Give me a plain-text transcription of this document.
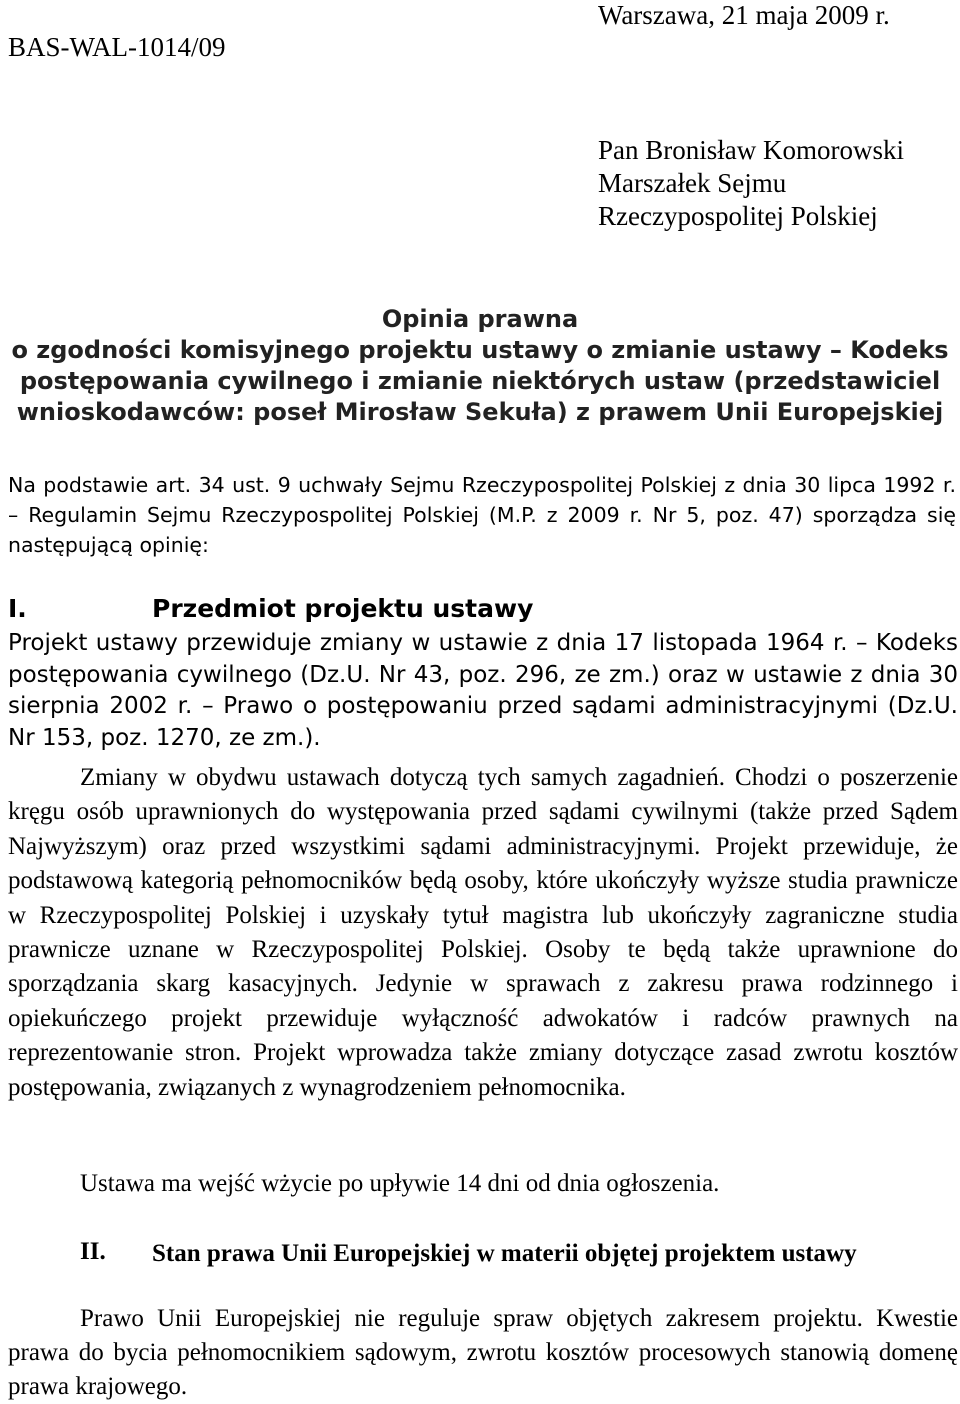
BAS-WAL-1014/09
Warszawa, 21 maja 2009 r.
Pan Bronisław Komorowski
Marszałek Sejmu
Rzeczypospolitej Polskiej
Opinia prawna
o zgodności komisyjnego projektu ustawy o zmianie ustawy – Kodeks
postępowania cywilnego i zmianie niektórych ustaw (przedstawiciel
wnioskodawców: poseł Mirosław Sekuła) z prawem Unii Europejskiej
Na podstawie art. 34 ust. 9 uchwały Sejmu Rzeczypospolitej Polskiej z dnia 30 lipca 1992 r. – Regulamin Sejmu Rzeczypospolitej Polskiej (M.P. z 2009 r. Nr 5, poz. 47) sporządza się następującą opinię:
I.	Przedmiot projektu ustawy
Projekt ustawy przewiduje zmiany w ustawie z dnia 17 listopada 1964 r. – Kodeks postępowania cywilnego (Dz.U. Nr 43, poz. 296, ze zm.) oraz w ustawie z dnia 30 sierpnia 2002 r. – Prawo o postępowaniu przed sądami administracyjnymi (Dz.U. Nr 153, poz. 1270, ze zm.).
Zmiany w obydwu ustawach dotyczą tych samych zagadnień. Chodzi o poszerzenie kręgu osób uprawnionych do występowania przed sądami cywilnymi (także przed Sądem Najwyższym) oraz przed wszystkimi sądami administracyjnymi. Projekt przewiduje, że podstawową kategorią pełnomocników będą osoby, które ukończyły wyższe studia prawnicze w Rzeczypospolitej Polskiej i uzyskały tytuł magistra lub ukończyły zagraniczne studia prawnicze uznane w Rzeczypospolitej Polskiej. Osoby te będą także uprawnione do sporządzania skarg kasacyjnych. Jedynie w sprawach z zakresu prawa rodzinnego i opiekuńczego projekt przewiduje wyłączność adwokatów i radców prawnych na reprezentowanie stron. Projekt wprowadza także zmiany dotyczące zasad zwrotu kosztów postępowania, związanych z wynagrodzeniem pełnomocnika.
Ustawa ma wejść wżycie po upływie 14 dni od dnia ogłoszenia.
II.	Stan prawa Unii Europejskiej w materii objętej projektem ustawy
Prawo Unii Europejskiej nie reguluje spraw objętych zakresem projektu. Kwestie prawa do bycia pełnomocnikiem sądowym, zwrotu kosztów procesowych stanowią domenę prawa krajowego.
